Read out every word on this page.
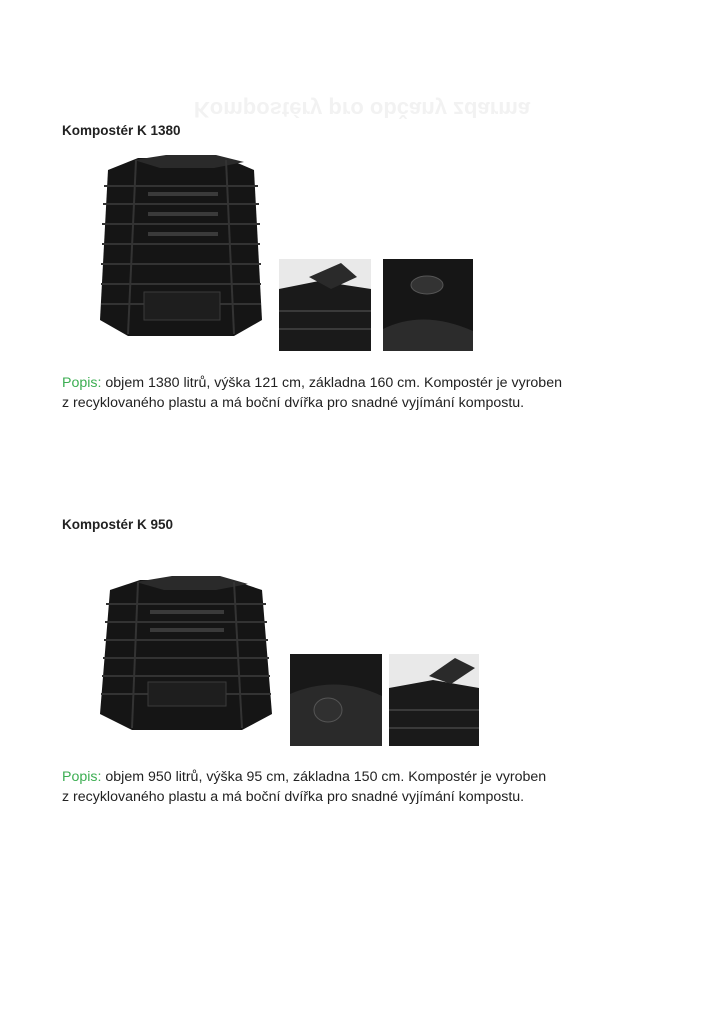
Kompostéry pro občany zdarma
Kompostér K 1380
Popis: objem 1380 litrů, výška 121 cm, základna 160 cm. Kompostér je vyroben
z recyklovaného plastu a má boční dvířka pro snadné vyjímání kompostu.
Kompostér K 950
Popis: objem 950 litrů, výška 95 cm, základna 150 cm. Kompostér je vyroben
z recyklovaného plastu a má boční dvířka pro snadné vyjímání kompostu.
